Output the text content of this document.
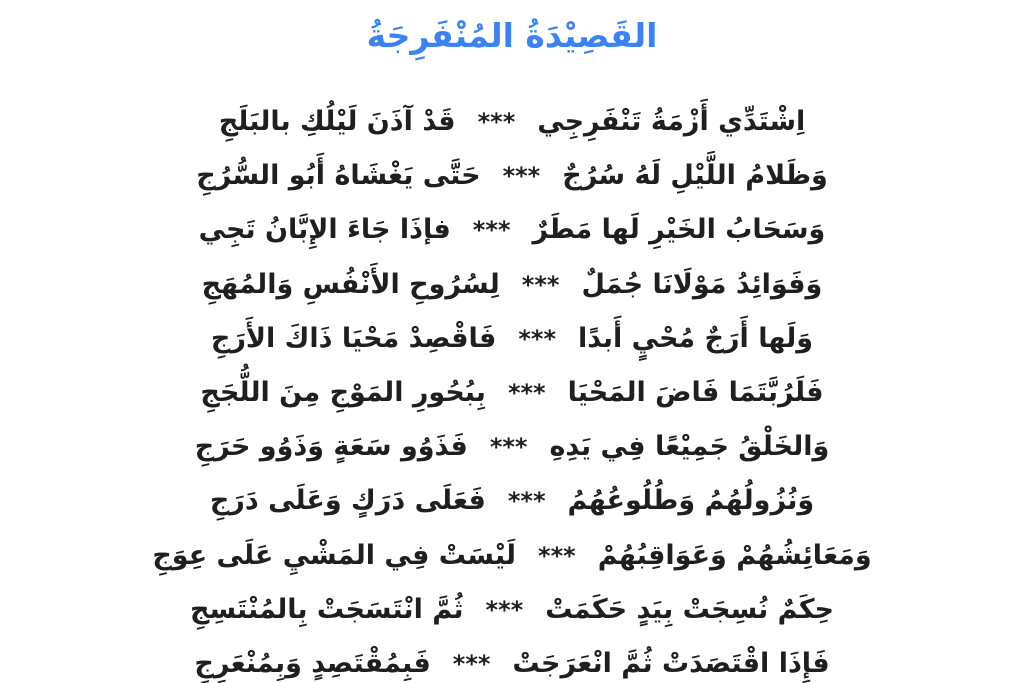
القَصِيْدَةُ المُنْفَرِجَةُ
اِشْتَدِّي أَزْمَةُ تَنْفَرِجِي***قَدْ آذَنَ لَيْلُكِ بالبَلَجِ
وَظَلامُ اللَّيْلِ لَهُ سُرُجٌ***حَتَّى يَغْشَاهُ أَبُو السُّرُجِ
وَسَحَابُ الخَيْرِ لَها مَطَرٌ***فإذَا جَاءَ الإِبَّانُ تَجِي
وَفَوَائِدُ مَوْلَانَا جُمَلٌ***لِسُرُوحِ الأَنْفُسِ وَالمُهَجِ
وَلَها أَرَجٌ مُحْيٍ أَبدًا***فَاقْصِدْ مَحْيَا ذَاكَ الأَرَجِ
فَلَرُبَّتَمَا فَاضَ المَحْيَا***بِبُحُورِ المَوْجِ مِنَ اللُّجَجِ
وَالخَلْقُ جَمِيْعًا فِي يَدِهِ***فَذَوُو سَعَةٍ وَذَوُو حَرَجِ
وَنُزُولُهُمُ وَطُلُوعُهُمُ***فَعَلَى دَرَكٍ وَعَلَى دَرَجِ
وَمَعَائِشُهُمْ وَعَوَاقِبُهُمْ***لَيْسَتْ فِي المَشْيِ عَلَى عِوَجِ
حِكَمٌ نُسِجَتْ بِيَدٍ حَكَمَتْ***ثُمَّ انْتَسَجَتْ بِالمُنْتَسِجِ
فَإِذَا اقْتَصَدَتْ ثُمَّ انْعَرَجَتْ***فَبِمُقْتَصِدٍ وَبِمُنْعَرِجِ
